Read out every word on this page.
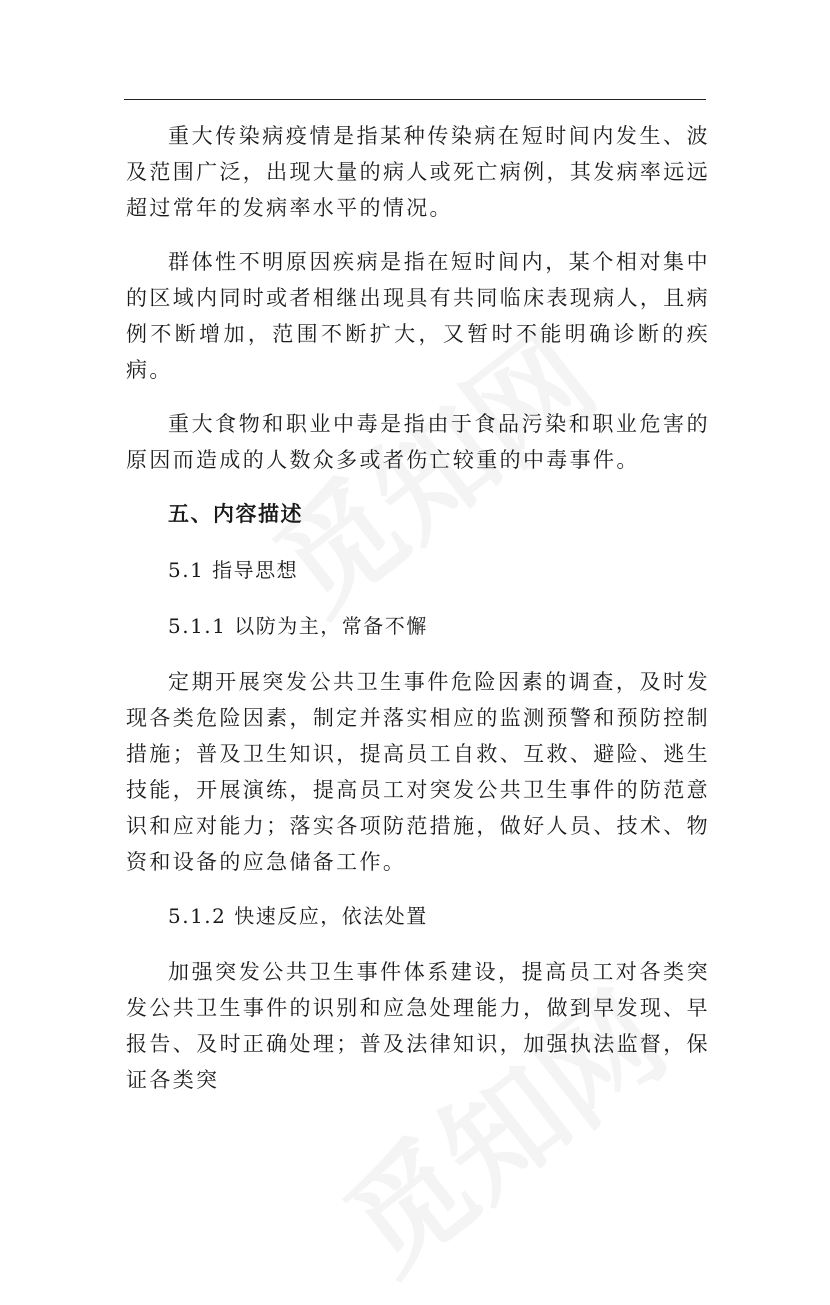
重大传染病疫情是指某种传染病在短时间内发生、波及范围广泛，出现大量的病人或死亡病例，其发病率远远超过常年的发病率水平的情况。

群体性不明原因疾病是指在短时间内，某个相对集中的区域内同时或者相继出现具有共同临床表现病人，且病例不断增加，范围不断扩大，又暂时不能明确诊断的疾病。

重大食物和职业中毒是指由于食品污染和职业危害的原因而造成的人数众多或者伤亡较重的中毒事件。

五、内容描述

5.1 指导思想

5.1.1 以防为主，常备不懈

定期开展突发公共卫生事件危险因素的调查，及时发现各类危险因素，制定并落实相应的监测预警和预防控制措施；普及卫生知识，提高员工自救、互救、避险、逃生技能，开展演练，提高员工对突发公共卫生事件的防范意识和应对能力；落实各项防范措施，做好人员、技术、物资和设备的应急储备工作。

5.1.2 快速反应，依法处置

加强突发公共卫生事件体系建设，提高员工对各类突发公共卫生事件的识别和应急处理能力，做到早发现、早报告、及时正确处理；普及法律知识，加强执法监督，保证各类突
